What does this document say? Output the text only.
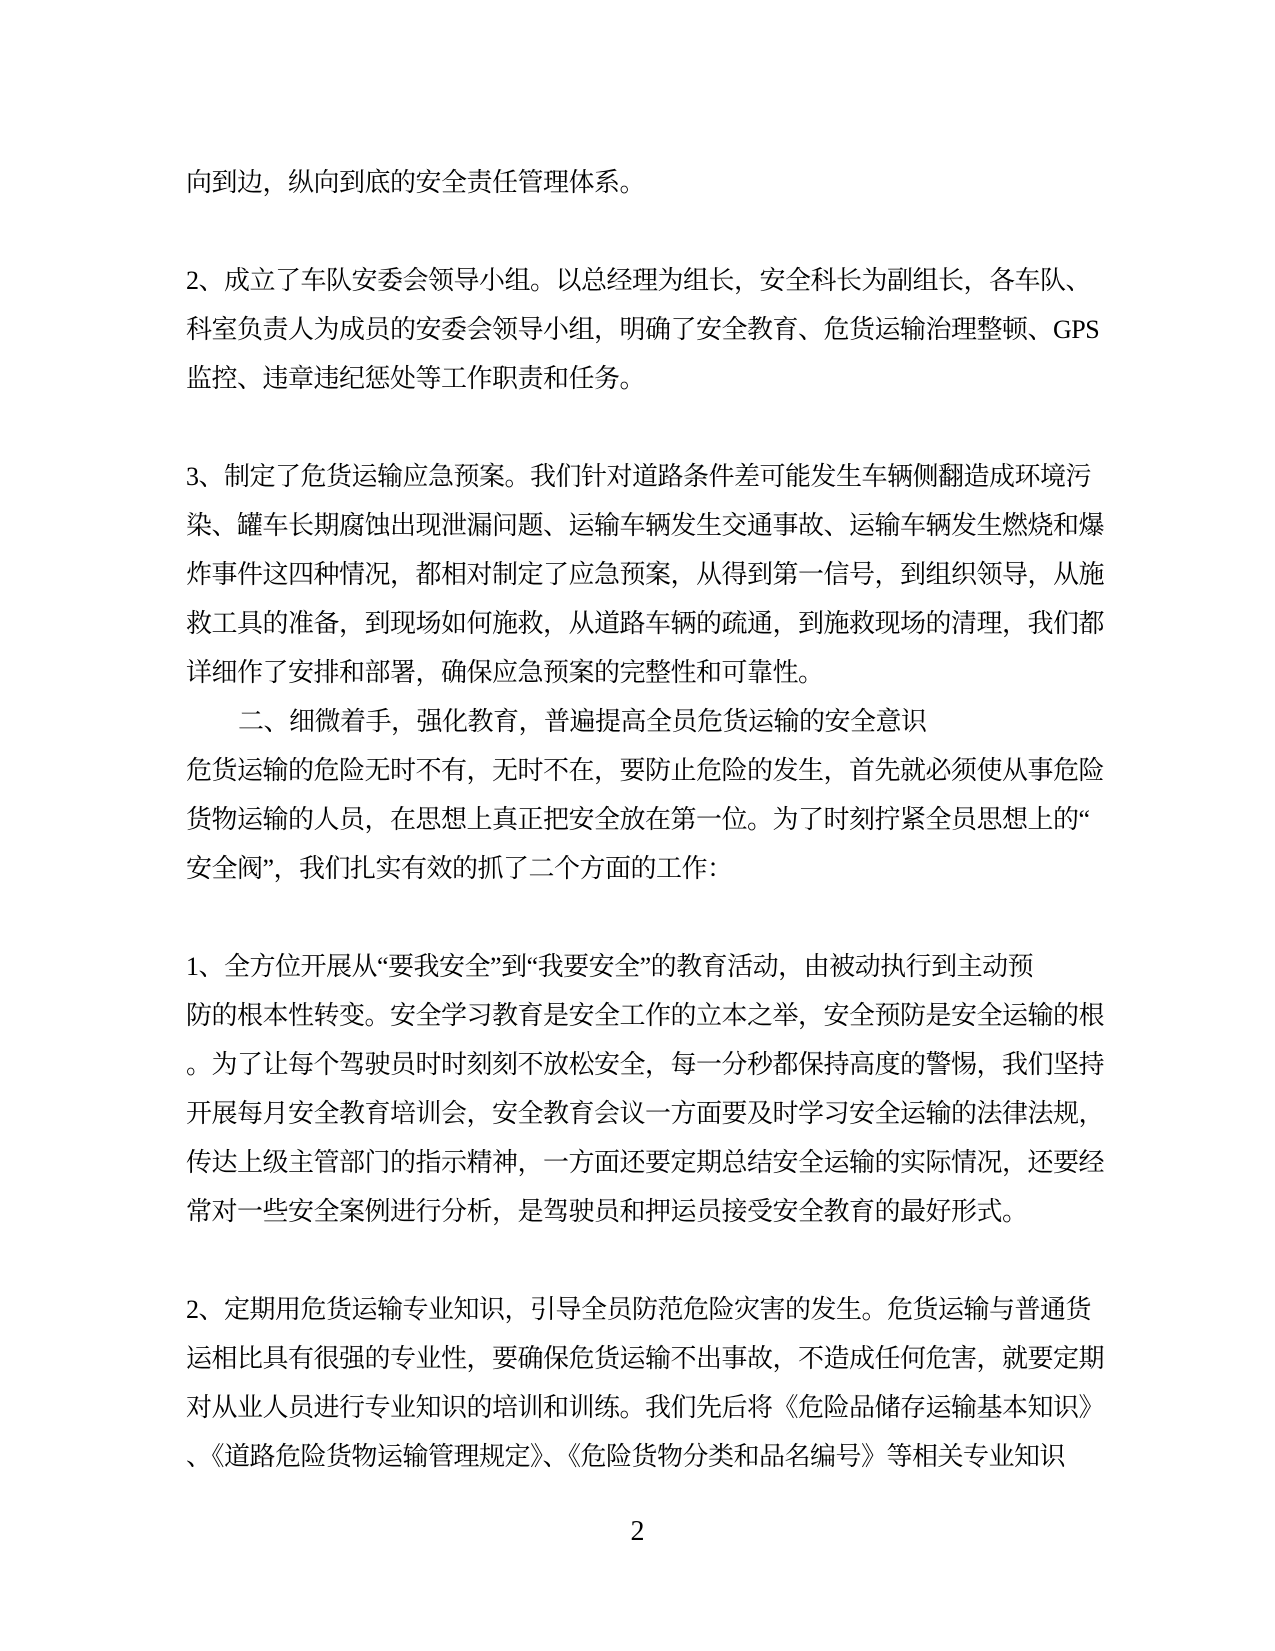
向到边，纵向到底的安全责任管理体系。
2、成立了车队安委会领导小组。以总经理为组长，安全科长为副组长，各车队、
科室负责人为成员的安委会领导小组，明确了安全教育、危货运输治理整顿、GPS
监控、违章违纪惩处等工作职责和任务。
3、制定了危货运输应急预案。我们针对道路条件差可能发生车辆侧翻造成环境污
染、罐车长期腐蚀出现泄漏问题、运输车辆发生交通事故、运输车辆发生燃烧和爆
炸事件这四种情况，都相对制定了应急预案，从得到第一信号，到组织领导，从施
救工具的准备，到现场如何施救，从道路车辆的疏通，到施救现场的清理，我们都
详细作了安排和部署，确保应急预案的完整性和可靠性。
二、细微着手，强化教育，普遍提高全员危货运输的安全意识
危货运输的危险无时不有，无时不在，要防止危险的发生，首先就必须使从事危险
货物运输的人员，在思想上真正把安全放在第一位。为了时刻拧紧全员思想上的“
安全阀”，我们扎实有效的抓了二个方面的工作：
1、全方位开展从“要我安全”到“我要安全”的教育活动，由被动执行到主动预
防的根本性转变。安全学习教育是安全工作的立本之举，安全预防是安全运输的根
。为了让每个驾驶员时时刻刻不放松安全，每一分秒都保持高度的警惕，我们坚持
开展每月安全教育培训会，安全教育会议一方面要及时学习安全运输的法律法规，
传达上级主管部门的指示精神，一方面还要定期总结安全运输的实际情况，还要经
常对一些安全案例进行分析，是驾驶员和押运员接受安全教育的最好形式。
2、定期用危货运输专业知识，引导全员防范危险灾害的发生。危货运输与普通货
运相比具有很强的专业性，要确保危货运输不出事故，不造成任何危害，就要定期
对从业人员进行专业知识的培训和训练。我们先后将《危险品储存运输基本知识》
、《道路危险货物运输管理规定》、《危险货物分类和品名编号》等相关专业知识
2
